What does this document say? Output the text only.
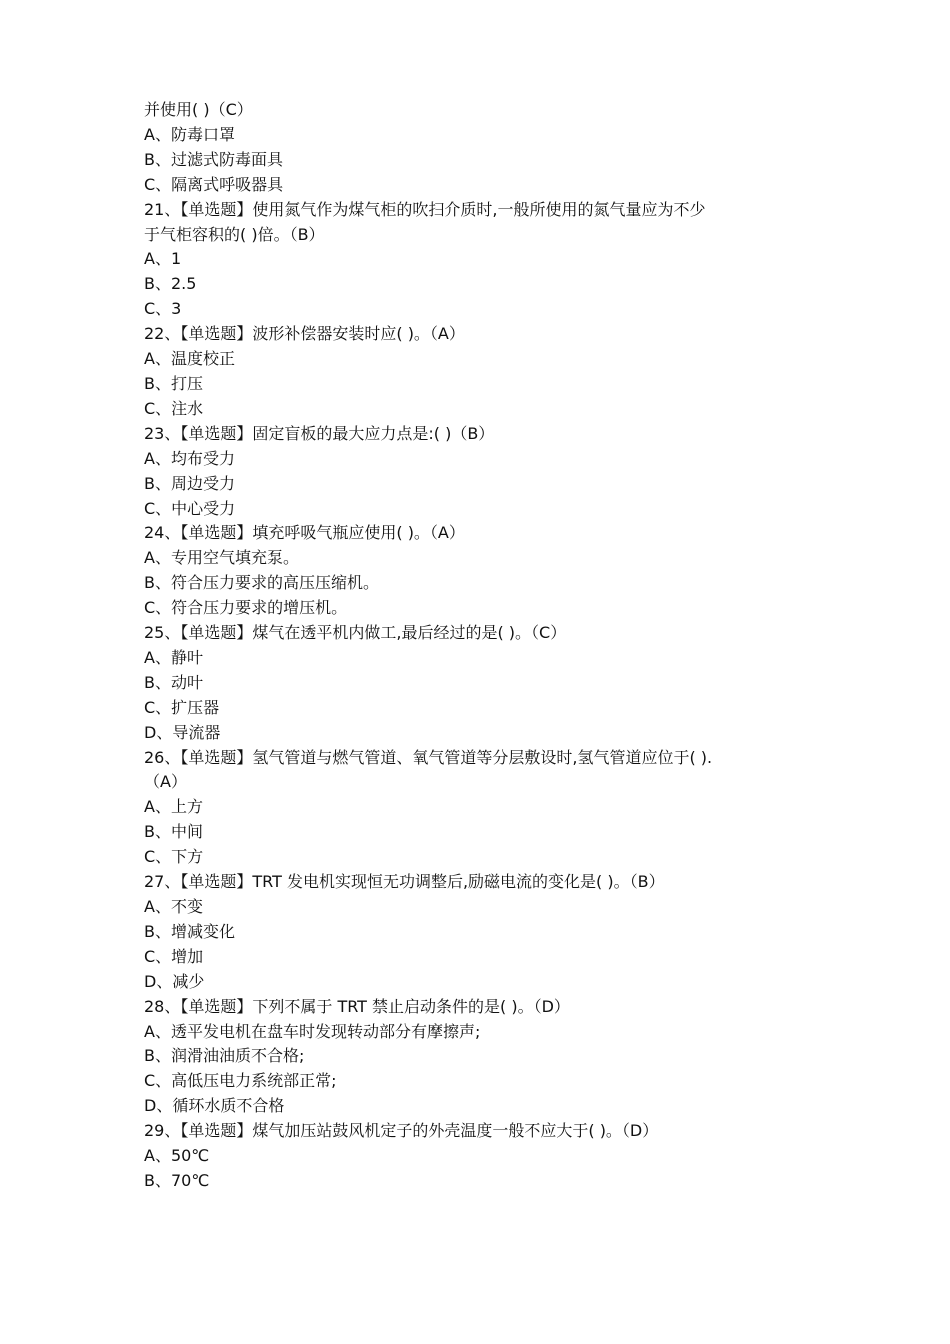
并使用( )（C）

A、防毒口罩

B、过滤式防毒面具

C、隔离式呼吸器具

21、【单选题】使用氮气作为煤气柜的吹扫介质时,一般所使用的氮气量应为不少

于气柜容积的( )倍。（B）

A、1

B、2.5

C、3

22、【单选题】波形补偿器安装时应( )。（A）

A、温度校正

B、打压

C、注水

23、【单选题】固定盲板的最大应力点是:( )（B）

A、均布受力

B、周边受力

C、中心受力

24、【单选题】填充呼吸气瓶应使用( )。（A）

A、专用空气填充泵。

B、符合压力要求的高压压缩机。

C、符合压力要求的增压机。

25、【单选题】煤气在透平机内做工,最后经过的是( )。（C）

A、静叶

B、动叶

C、扩压器

D、导流器

26、【单选题】氢气管道与燃气管道、氧气管道等分层敷设时,氢气管道应位于( ).

（A）

A、上方

B、中间

C、下方

27、【单选题】TRT 发电机实现恒无功调整后,励磁电流的变化是( )。（B）

A、不变

B、增减变化

C、增加

D、减少

28、【单选题】下列不属于 TRT 禁止启动条件的是( )。（D）

A、透平发电机在盘车时发现转动部分有摩擦声;

B、润滑油油质不合格;

C、高低压电力系统部正常;

D、循环水质不合格

29、【单选题】煤气加压站鼓风机定子的外壳温度一般不应大于( )。（D）

A、50℃

B、70℃
